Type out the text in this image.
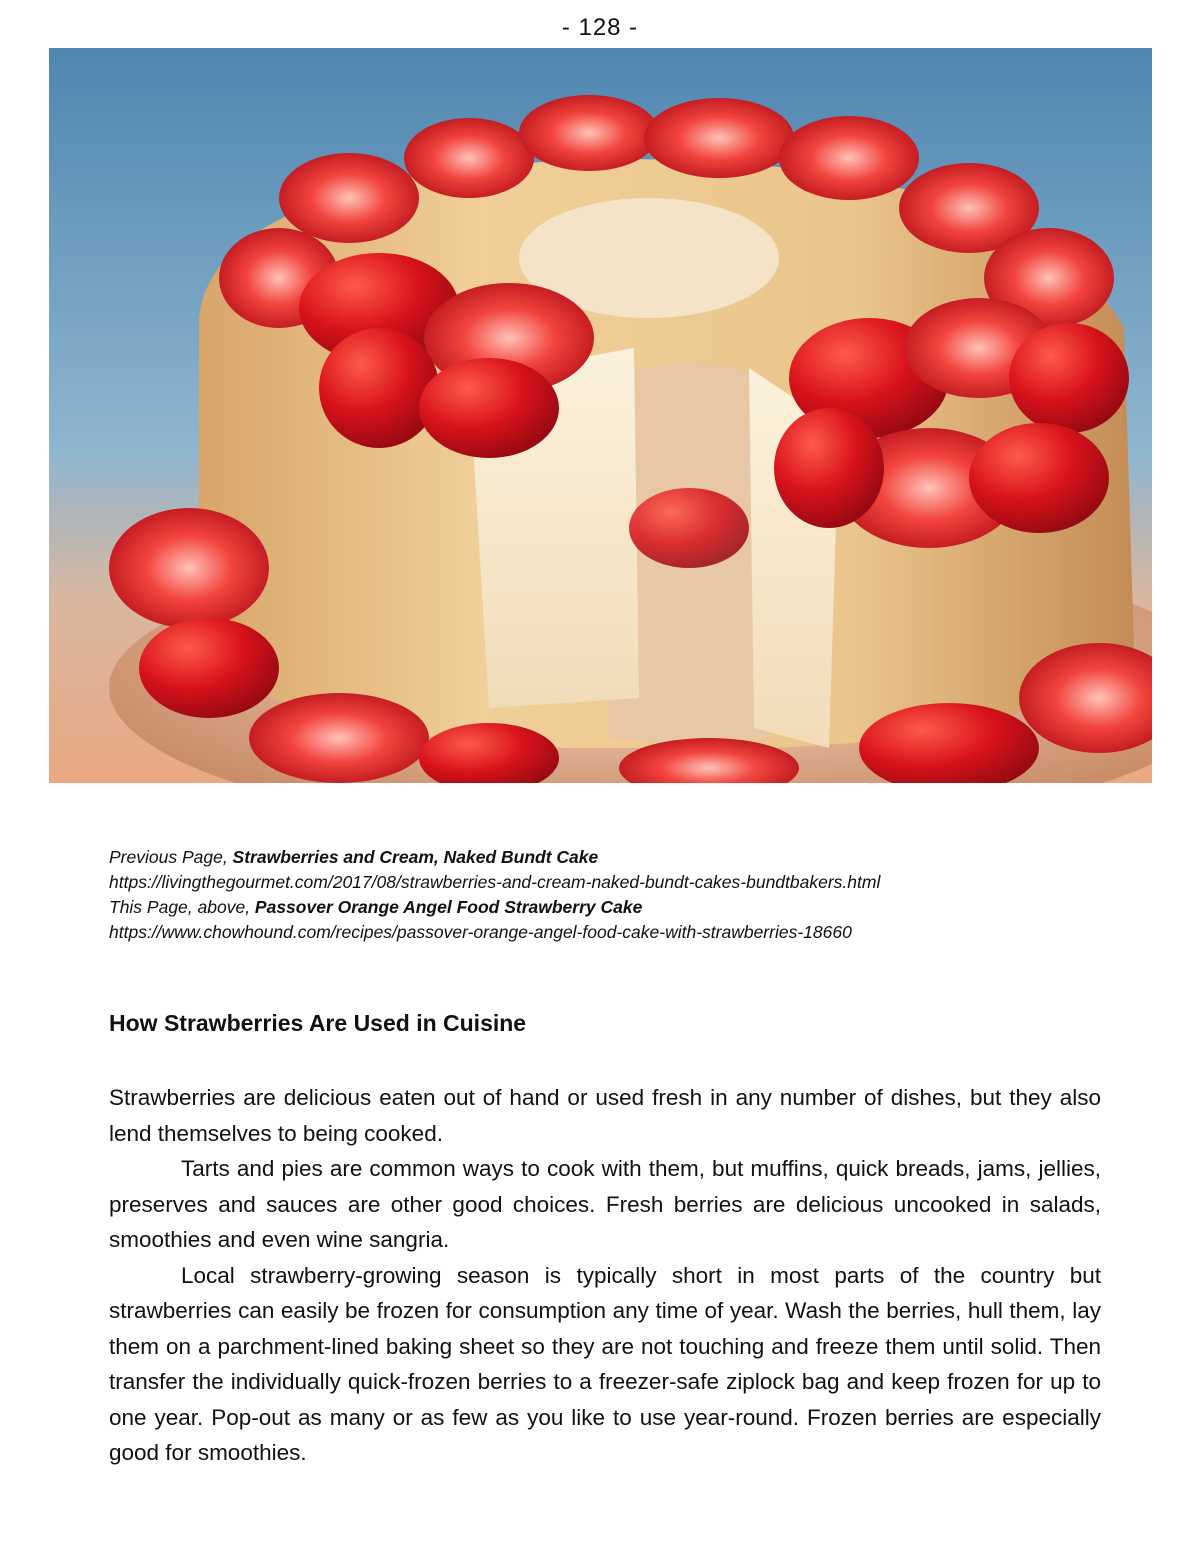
- 128 -
Previous Page, Strawberries and Cream, Naked Bundt Cake
https://livingthegourmet.com/2017/08/strawberries-and-cream-naked-bundt-cakes-bundtbakers.html
This Page, above, Passover Orange Angel Food Strawberry Cake
https://www.chowhound.com/recipes/passover-orange-angel-food-cake-with-strawberries-18660
How Strawberries Are Used in Cuisine

Strawberries are delicious eaten out of hand or used fresh in any number of dishes, but they also lend themselves to being cooked.

Tarts and pies are common ways to cook with them, but muffins, quick breads, jams, jellies, preserves and sauces are other good choices. Fresh berries are delicious uncooked in salads, smoothies and even wine sangria.

Local strawberry-growing season is typically short in most parts of the country but strawberries can easily be frozen for consumption any time of year. Wash the berries, hull them, lay them on a parchment-lined baking sheet so they are not touching and freeze them until solid. Then transfer the individually quick-frozen berries to a freezer-safe ziplock bag and keep frozen for up to one year. Pop-out as many or as few as you like to use year-round. Frozen berries are especially good for smoothies.
